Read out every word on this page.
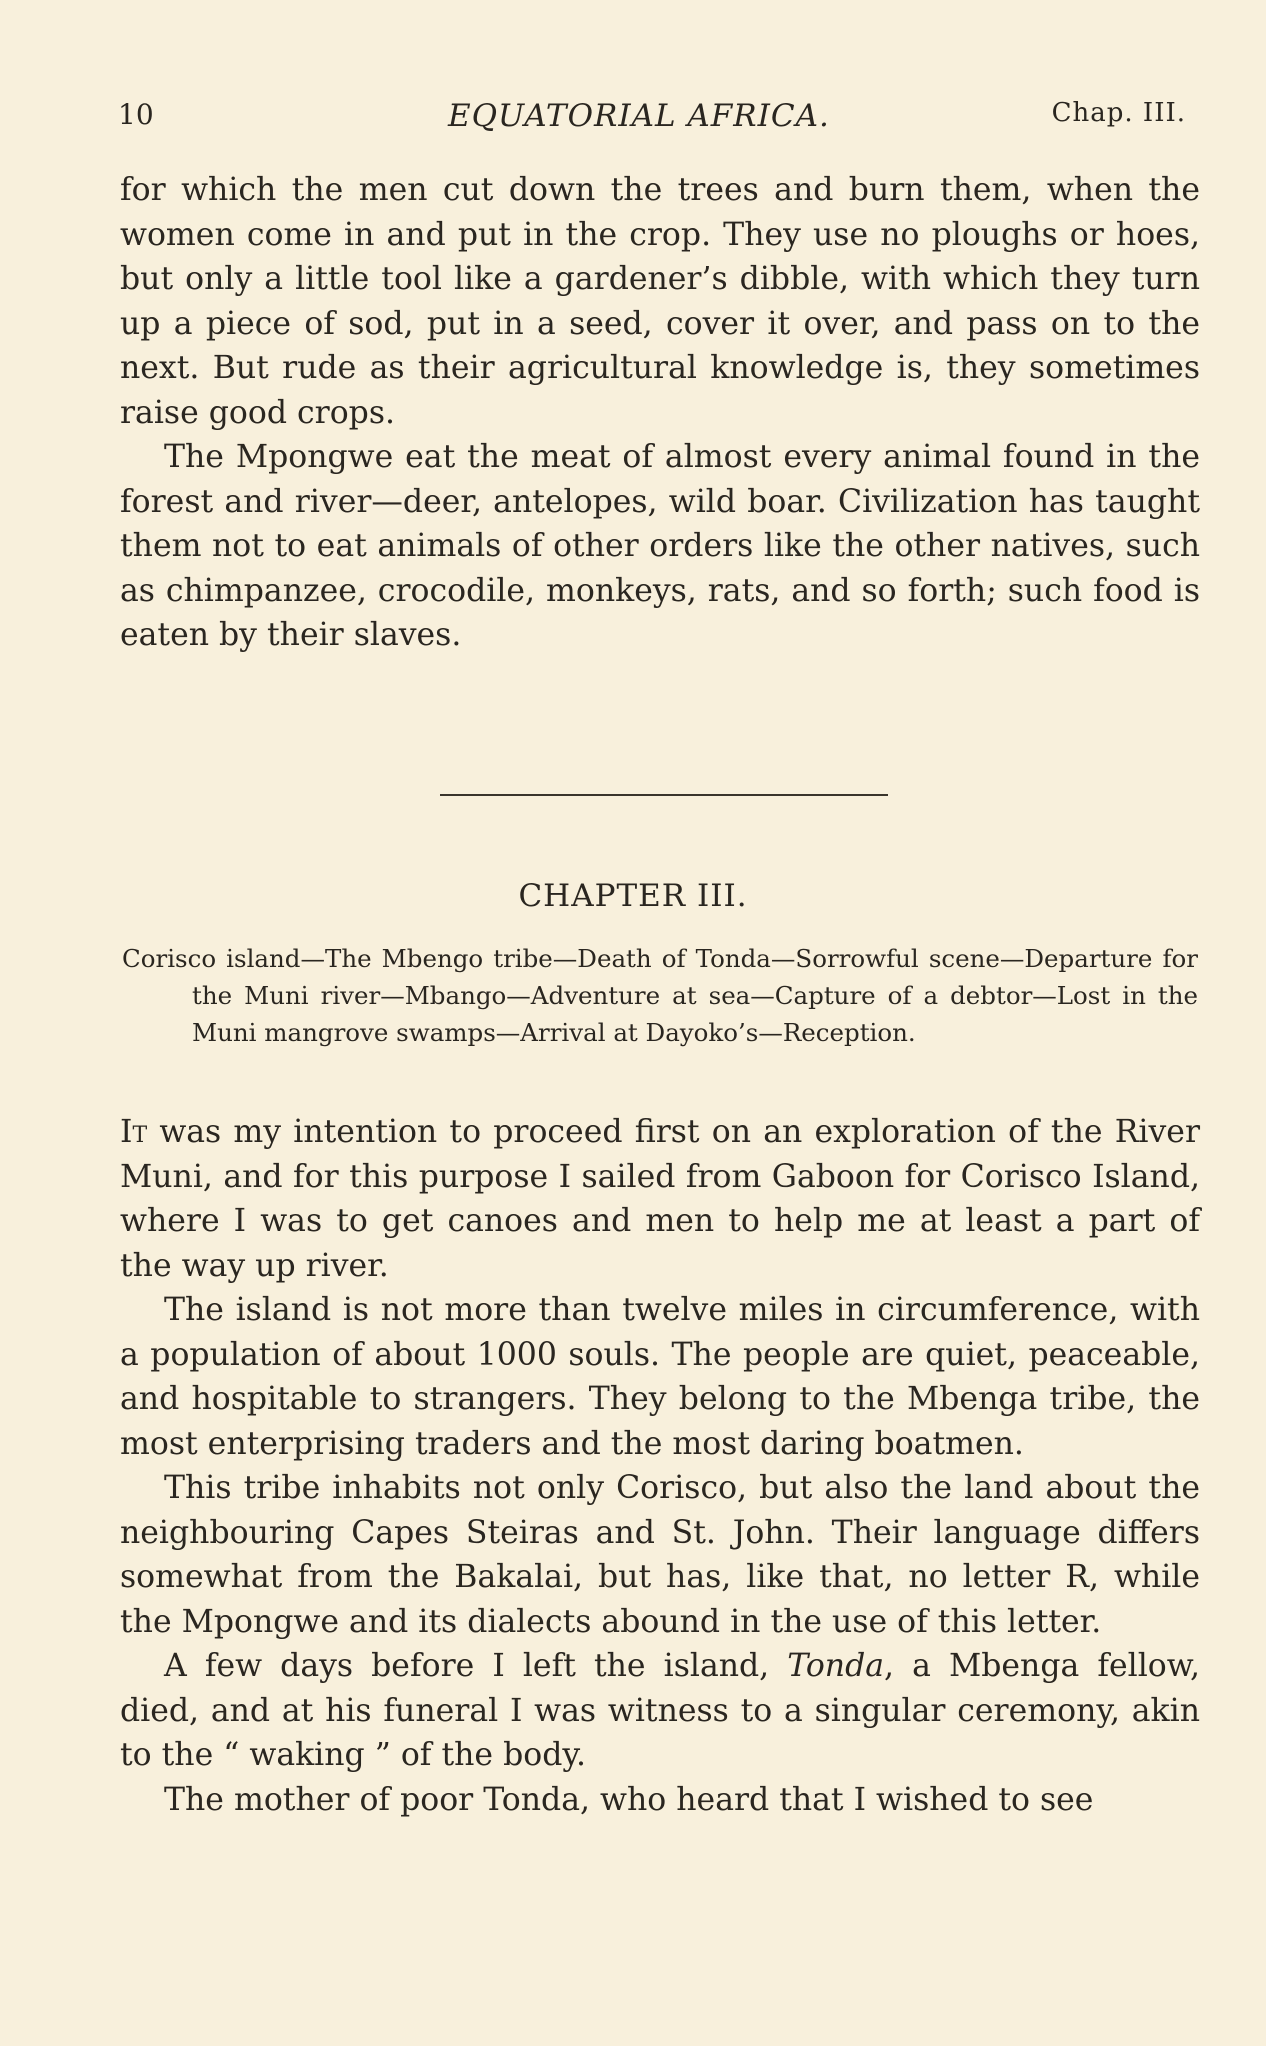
10	EQUATORIAL AFRICA.	Chap. III.

for which the men cut down the trees and burn them, when the women come in and put in the crop. They use no ploughs or hoes, but only a little tool like a gardener’s dibble, with which they turn up a piece of sod, put in a seed, cover it over, and pass on to the next. But rude as their agricultural knowledge is, they sometimes raise good crops.

The Mpongwe eat the meat of almost every animal found in the forest and river—deer, antelopes, wild boar. Civilization has taught them not to eat animals of other orders like the other natives, such as chimpanzee, crocodile, monkeys, rats, and so forth; such food is eaten by their slaves.

CHAPTER III.
Corisco island—The Mbengo tribe—Death of Tonda—Sorrowful scene—Departure for the Muni river—Mbango—Adventure at sea—Capture of a debtor—Lost in the Muni mangrove swamps—Arrival at Dayoko’s—Reception.

It was my intention to proceed first on an exploration of the River Muni, and for this purpose I sailed from Gaboon for Corisco Island, where I was to get canoes and men to help me at least a part of the way up river.

The island is not more than twelve miles in circumference, with a population of about 1000 souls. The people are quiet, peaceable, and hospitable to strangers. They belong to the Mbenga tribe, the most enterprising traders and the most daring boatmen.

This tribe inhabits not only Corisco, but also the land about the neighbouring Capes Steiras and St. John. Their language differs somewhat from the Bakalai, but has, like that, no letter R, while the Mpongwe and its dialects abound in the use of this letter.

A few days before I left the island, Tonda, a Mbenga fellow, died, and at his funeral I was witness to a singular ceremony, akin to the “ waking ” of the body.

The mother of poor Tonda, who heard that I wished to see
